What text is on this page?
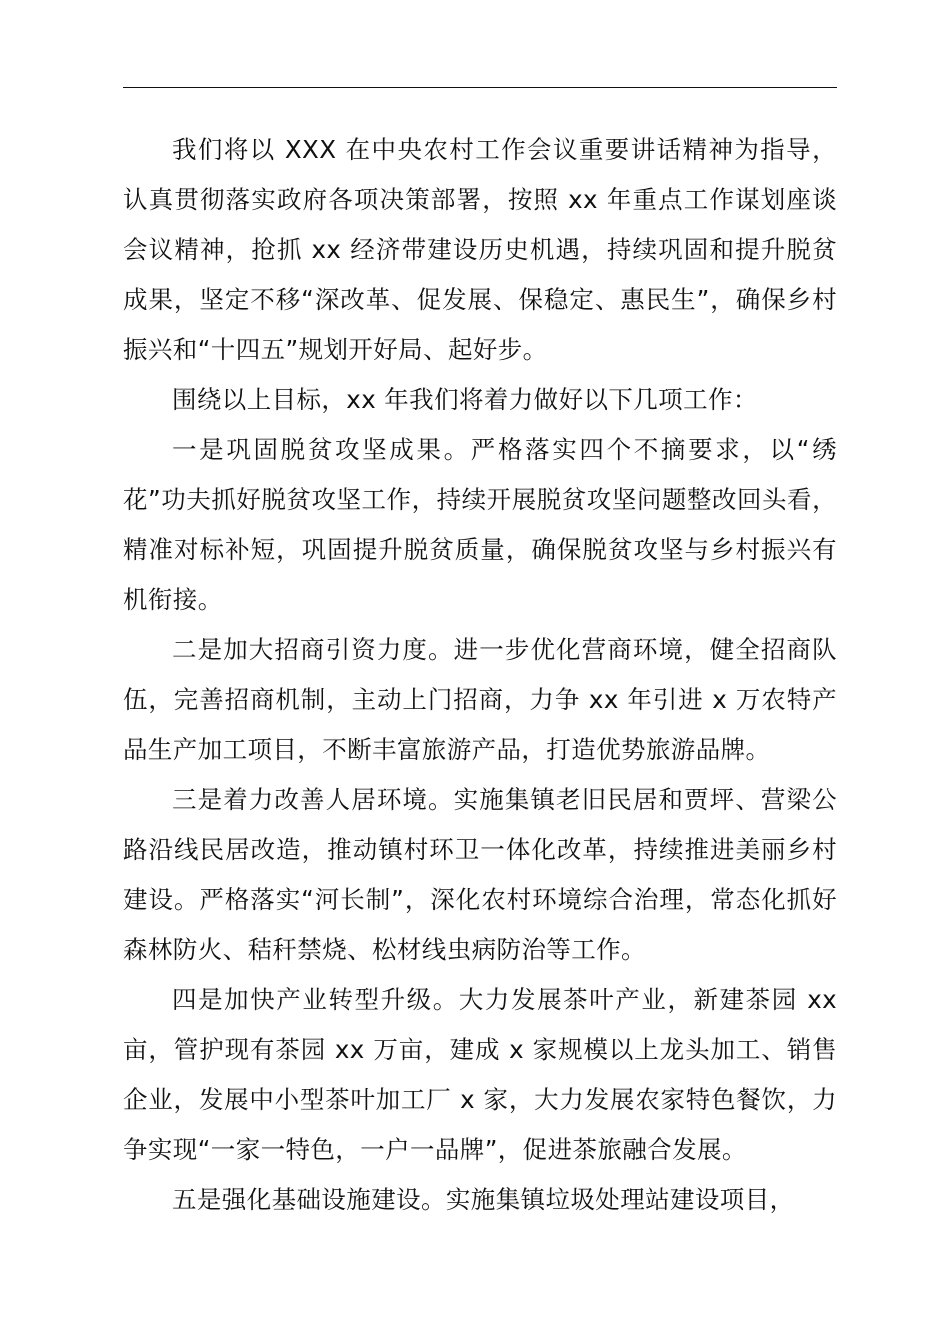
我们将以 XXX 在中央农村工作会议重要讲话精神为指导，认真贯彻落实政府各项决策部署，按照 xx 年重点工作谋划座谈会议精神，抢抓 xx 经济带建设历史机遇，持续巩固和提升脱贫成果，坚定不移“深改革、促发展、保稳定、惠民生”，确保乡村振兴和“十四五”规划开好局、起好步。

围绕以上目标，xx 年我们将着力做好以下几项工作：

一是巩固脱贫攻坚成果。严格落实四个不摘要求，以“绣花”功夫抓好脱贫攻坚工作，持续开展脱贫攻坚问题整改回头看，精准对标补短，巩固提升脱贫质量，确保脱贫攻坚与乡村振兴有机衔接。

二是加大招商引资力度。进一步优化营商环境，健全招商队伍，完善招商机制，主动上门招商，力争 xx 年引进 x 万农特产品生产加工项目，不断丰富旅游产品，打造优势旅游品牌。

三是着力改善人居环境。实施集镇老旧民居和贾坪、营梁公路沿线民居改造，推动镇村环卫一体化改革，持续推进美丽乡村建设。严格落实“河长制”，深化农村环境综合治理，常态化抓好森林防火、秸秆禁烧、松材线虫病防治等工作。

四是加快产业转型升级。大力发展茶叶产业，新建茶园 xx 亩，管护现有茶园 xx 万亩，建成 x 家规模以上龙头加工、销售企业，发展中小型茶叶加工厂 x 家，大力发展农家特色餐饮，力争实现“一家一特色，一户一品牌”，促进茶旅融合发展。

五是强化基础设施建设。实施集镇垃圾处理站建设项目，
